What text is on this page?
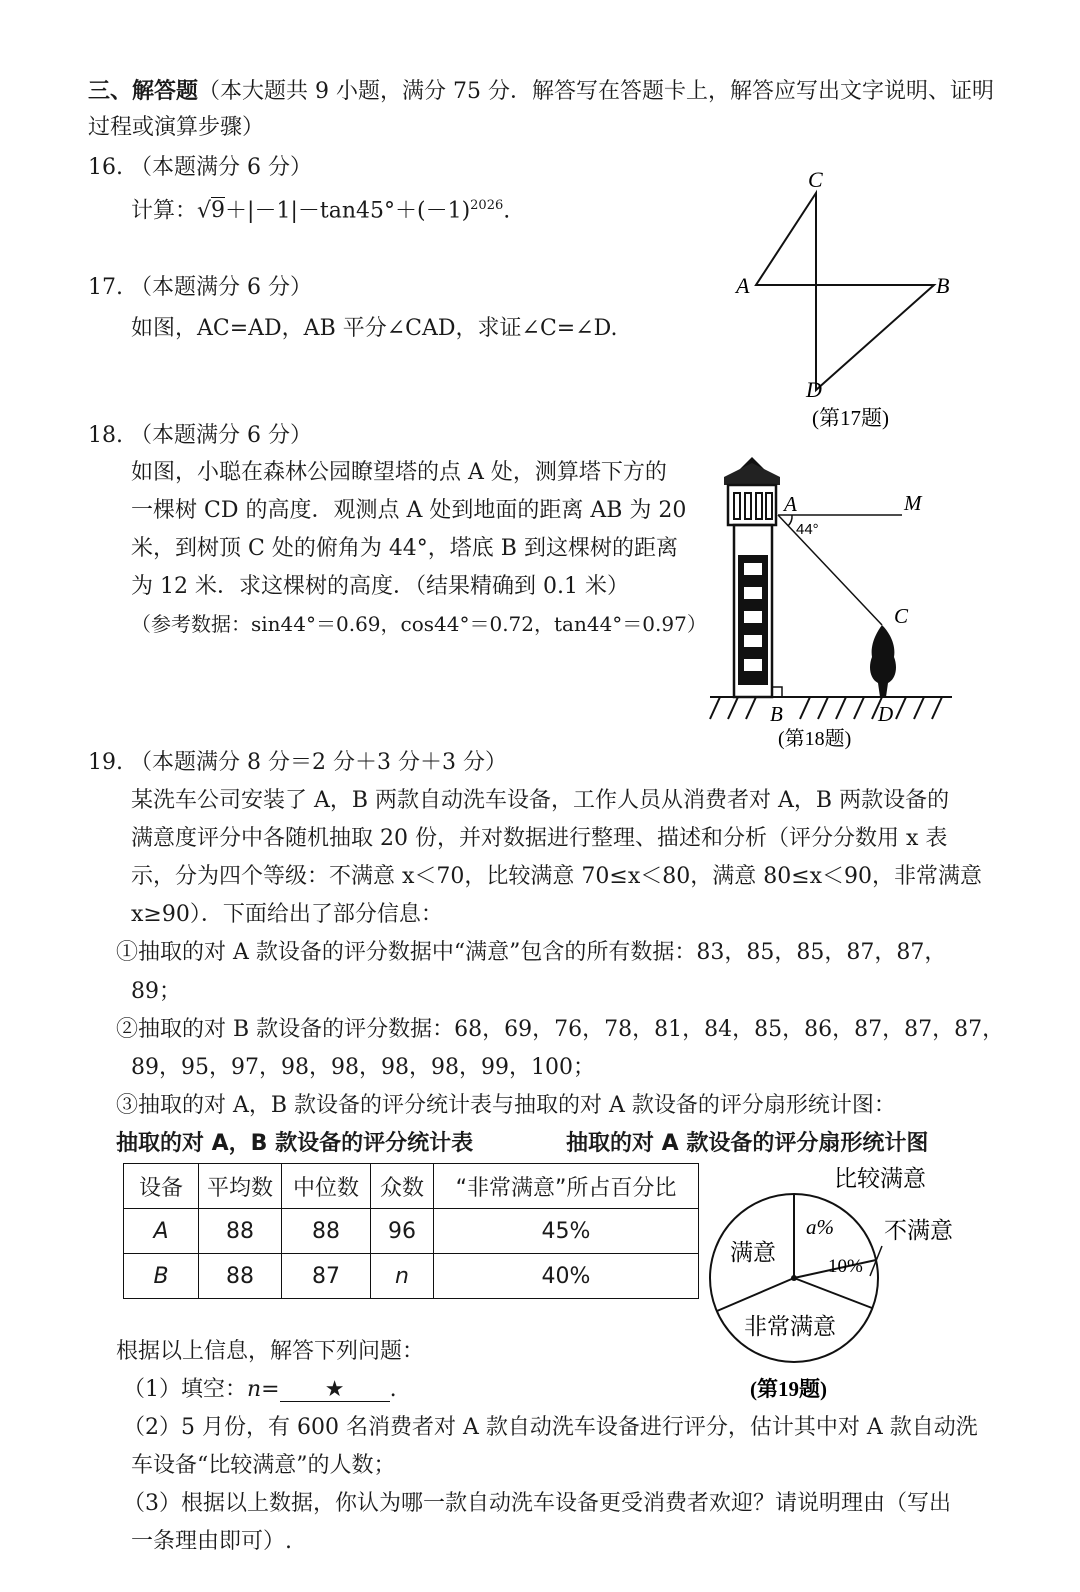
三、解答题（本大题共 9 小题，满分 75 分．解答写在答题卡上，解答应写出文字说明、证明
过程或演算步骤）
16. （本题满分 6 分）
计算：$√9+|-1|-\tan 45^\circ+(-1)^{2026}$.
17. （本题满分 6 分）
如图，AC=AD，AB 平分∠CAD，求证∠C=∠D.
C
A	B
D
(第17题)
18. （本题满分 6 分）
如图，小聪在森林公园瞭望塔的点 A 处，测算塔下方的
一棵树 CD 的高度．观测点 A 处到地面的距离 AB 为 20
米，到树顶 C 处的俯角为 44°，塔底 B 到这棵树的距离
为 12 米．求这棵树的高度．（结果精确到 0.1 米）
（参考数据：sin44°＝0.69，cos44°＝0.72，tan44°＝0.97）
A	M
44°
C
B	D
(第18题)
19. （本题满分 8 分＝2 分＋3 分＋3 分）
某洗车公司安装了 A，B 两款自动洗车设备，工作人员从消费者对 A，B 两款设备的
满意度评分中各随机抽取 20 份，并对数据进行整理、描述和分析（评分分数用 x 表
示，分为四个等级：不满意 x＜70，比较满意 70≤x＜80，满意 80≤x＜90，非常满意
x≥90）．下面给出了部分信息：
①抽取的对 A 款设备的评分数据中“满意”包含的所有数据：83，85，85，87，87，
89；
②抽取的对 B 款设备的评分数据：68，69，76，78，81，84，85，86，87，87，87，
89，95，97，98，98，98，98，99，100；
③抽取的对 A，B 款设备的评分统计表与抽取的对 A 款设备的评分扇形统计图：
抽取的对 A，B 款设备的评分统计表	抽取的对 A 款设备的评分扇形统计图
设备	平均数	中位数	众数	“非常满意”所占百分比
A	88	88	96	45%
B	88	87	n	40%
比较满意
不满意
满意
非常满意
a%
10%
(第19题)
根据以上信息，解答下列问题：
（1）填空：n= ★ .
（2）5 月份，有 600 名消费者对 A 款自动洗车设备进行评分，估计其中对 A 款自动洗
车设备“比较满意”的人数；
（3）根据以上数据，你认为哪一款自动洗车设备更受消费者欢迎？请说明理由（写出
一条理由即可）.
